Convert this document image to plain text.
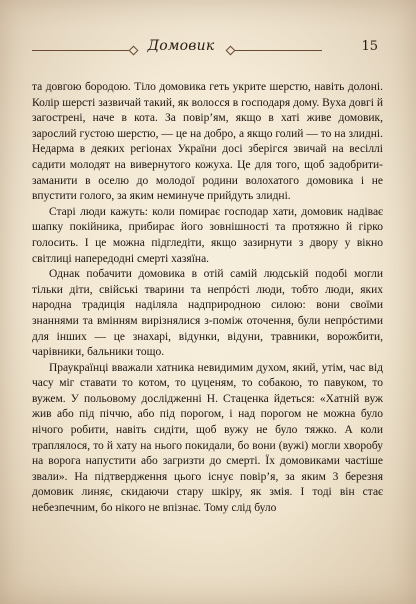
Домовик	15

та довгою бородою. Тіло домовика геть укрите шерстю, навіть долоні. Колір шерсті зазвичай такий, як волосся в господаря дому. Вуха довгі й загострені, наче в кота. За повір’ям, якщо в хаті живе домовик, зарослий густою шерстю, — це на добро, а якщо голий — то на злидні. Недарма в деяких регіонах України досі зберігся звичай на весіллі садити молодят на вивернутого кожуха. Це для того, щоб задобрити-заманити в оселю до молодої родини волохатого домовика і не впустити голого, за яким неминуче прийдуть злидні.

Старі люди кажуть: коли помирає господар хати, домовик надіває шапку покійника, прибирає його зовнішності та протяжно й гірко голосить. І це можна підгледіти, якщо зазирнути з двору у вікно світлиці напередодні смерті хазяїна.

Однак побачити домовика в отій самій людській подобі могли тільки діти, свійські тварини та непрóсті люди, тобто люди, яких народна традиція наділяла надприродною силою: вони своїми знаннями та вмінням вирізнялися з-поміж оточення, були непрóстими для інших — це знахарі, відунки, відуни, травники, ворожбити, чарівники, бальники тощо.

Праукраїнці вважали хатника невидимим духом, який, утім, час від часу міг ставати то котом, то цуценям, то собакою, то павуком, то вужем. У польовому дослідженні Н. Стаценка йдеться: «Хатній вуж жив або під піччю, або під порогом, і над порогом не можна було нічого робити, навіть сидіти, щоб вужу не було тяжко. А коли траплялося, то й хату на нього покидали, бо вони (вужі) могли хворобу на ворога напустити або загризти до смерті. Їх домовиками частіше звали». На підтвердження цього існує повір’я, за яким 3 березня домовик линяє, скидаючи стару шкіру, як змія. І тоді він стає небезпечним, бо нікого не впізнає. Тому слід було
